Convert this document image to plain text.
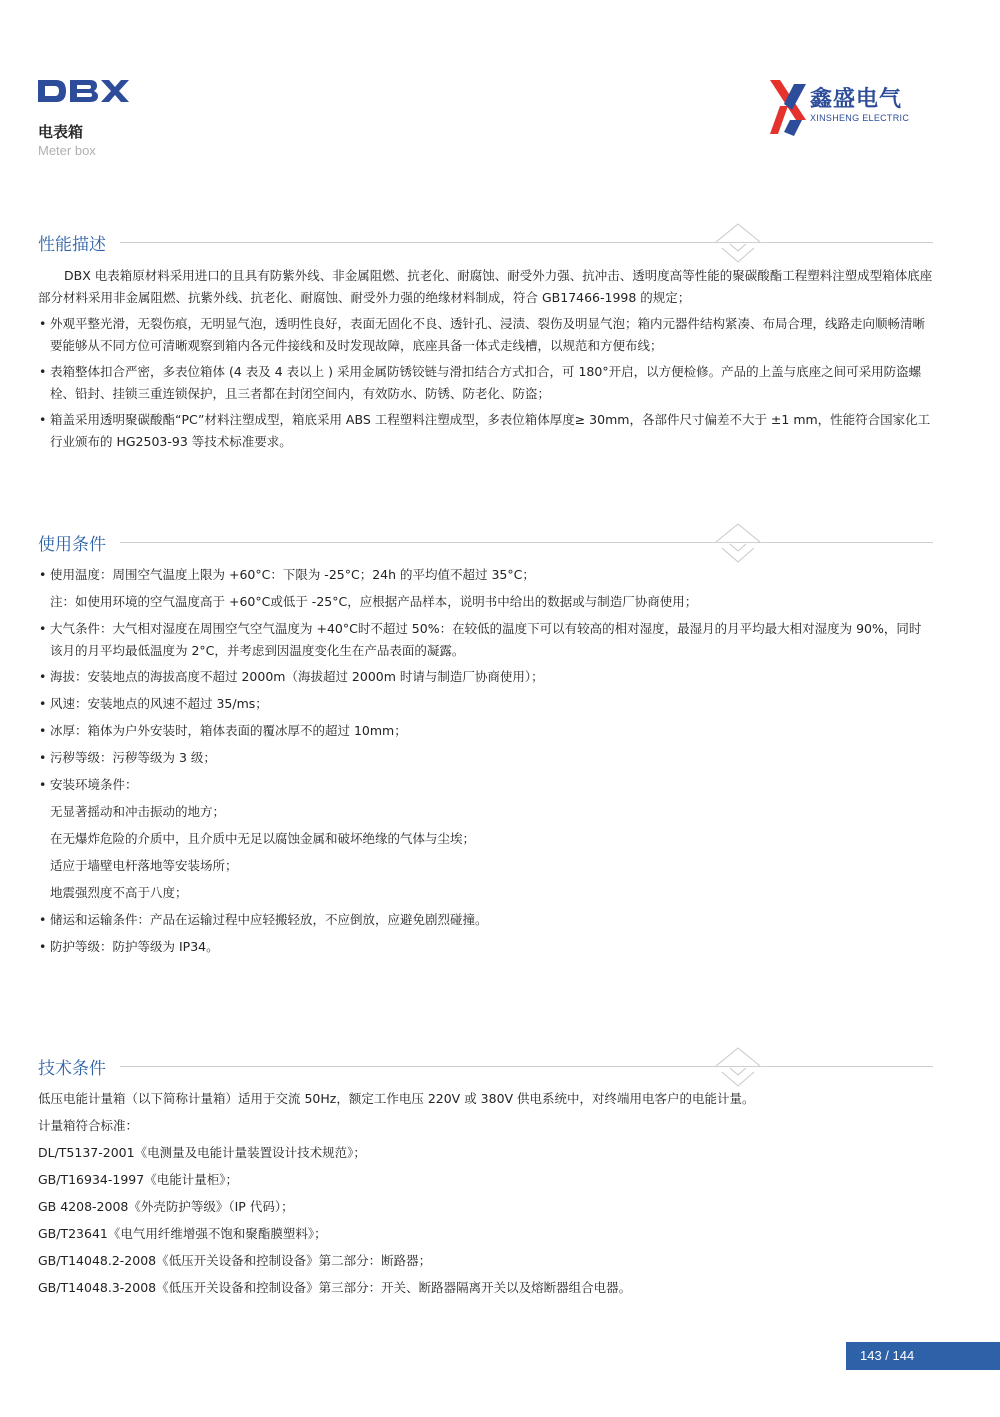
电表箱
Meter box
鑫盛电气
XINSHENG ELECTRIC
性能描述
DBX 电表箱原材料采用进口的且具有防紫外线、非金属阻燃、抗老化、耐腐蚀、耐受外力强、抗冲击、透明度高等性能的聚碳酸酯工程塑料注塑成型箱体底座部分材料采用非金属阻燃、抗紫外线、抗老化、耐腐蚀、耐受外力强的绝缘材料制成，符合 GB17466-1998 的规定；
• 外观平整光滑，无裂伤痕，无明显气泡，透明性良好，表面无固化不良、透针孔、浸渍、裂伤及明显气泡；箱内元器件结构紧凑、布局合理，线路走向顺畅清晰要能够从不同方位可清晰观察到箱内各元件接线和及时发现故障，底座具备一体式走线槽，以规范和方便布线；
• 表箱整体扣合严密，多表位箱体 (4 表及 4 表以上 ) 采用金属防锈铰链与滑扣结合方式扣合，可 180°开启，以方便检修。产品的上盖与底座之间可采用防盗螺栓、铅封、挂锁三重连锁保护，且三者都在封闭空间内，有效防水、防锈、防老化、防盗；
• 箱盖采用透明聚碳酸酯“PC”材料注塑成型，箱底采用 ABS 工程塑料注塑成型，多表位箱体厚度≥ 30mm，各部件尺寸偏差不大于 ±1 mm，性能符合国家化工行业颁布的 HG2503-93 等技术标准要求。
使用条件
• 使用温度：周围空气温度上限为 +60°C：下限为 -25°C；24h 的平均值不超过 35°C；
注：如使用环境的空气温度高于 +60°C或低于 -25°C，应根据产品样本，说明书中给出的数据或与制造厂协商使用；
• 大气条件：大气相对湿度在周围空气空气温度为 +40°C时不超过 50%：在较低的温度下可以有较高的相对湿度，最湿月的月平均最大相对湿度为 90%，同时该月的月平均最低温度为 2°C，并考虑到因温度变化生在产品表面的凝露。
• 海拔：安装地点的海拔高度不超过 2000m（海拔超过 2000m 时请与制造厂协商使用）；
• 风速：安装地点的风速不超过 35/ms；
• 冰厚：箱体为户外安装时，箱体表面的覆冰厚不的超过 10mm；
• 污秽等级：污秽等级为 3 级；
• 安装环境条件：
无显著摇动和冲击振动的地方；
在无爆炸危险的介质中，且介质中无足以腐蚀金属和破坏绝缘的气体与尘埃；
适应于墙壁电杆落地等安装场所；
地震强烈度不高于八度；
• 储运和运输条件：产品在运输过程中应轻搬轻放，不应倒放，应避免剧烈碰撞。
• 防护等级：防护等级为 IP34。
技术条件
低压电能计量箱（以下简称计量箱）适用于交流 50Hz，额定工作电压 220V 或 380V 供电系统中，对终端用电客户的电能计量。
计量箱符合标准：
DL/T5137-2001《电测量及电能计量装置设计技术规范》；
GB/T16934-1997《电能计量柜》；
GB 4208-2008《外壳防护等级》（IP 代码）；
GB/T23641《电气用纤维增强不饱和聚酯膜塑料》；
GB/T14048.2-2008《低压开关设备和控制设备》第二部分：断路器；
GB/T14048.3-2008《低压开关设备和控制设备》第三部分：开关、断路器隔离开关以及熔断器组合电器。
143 / 144
